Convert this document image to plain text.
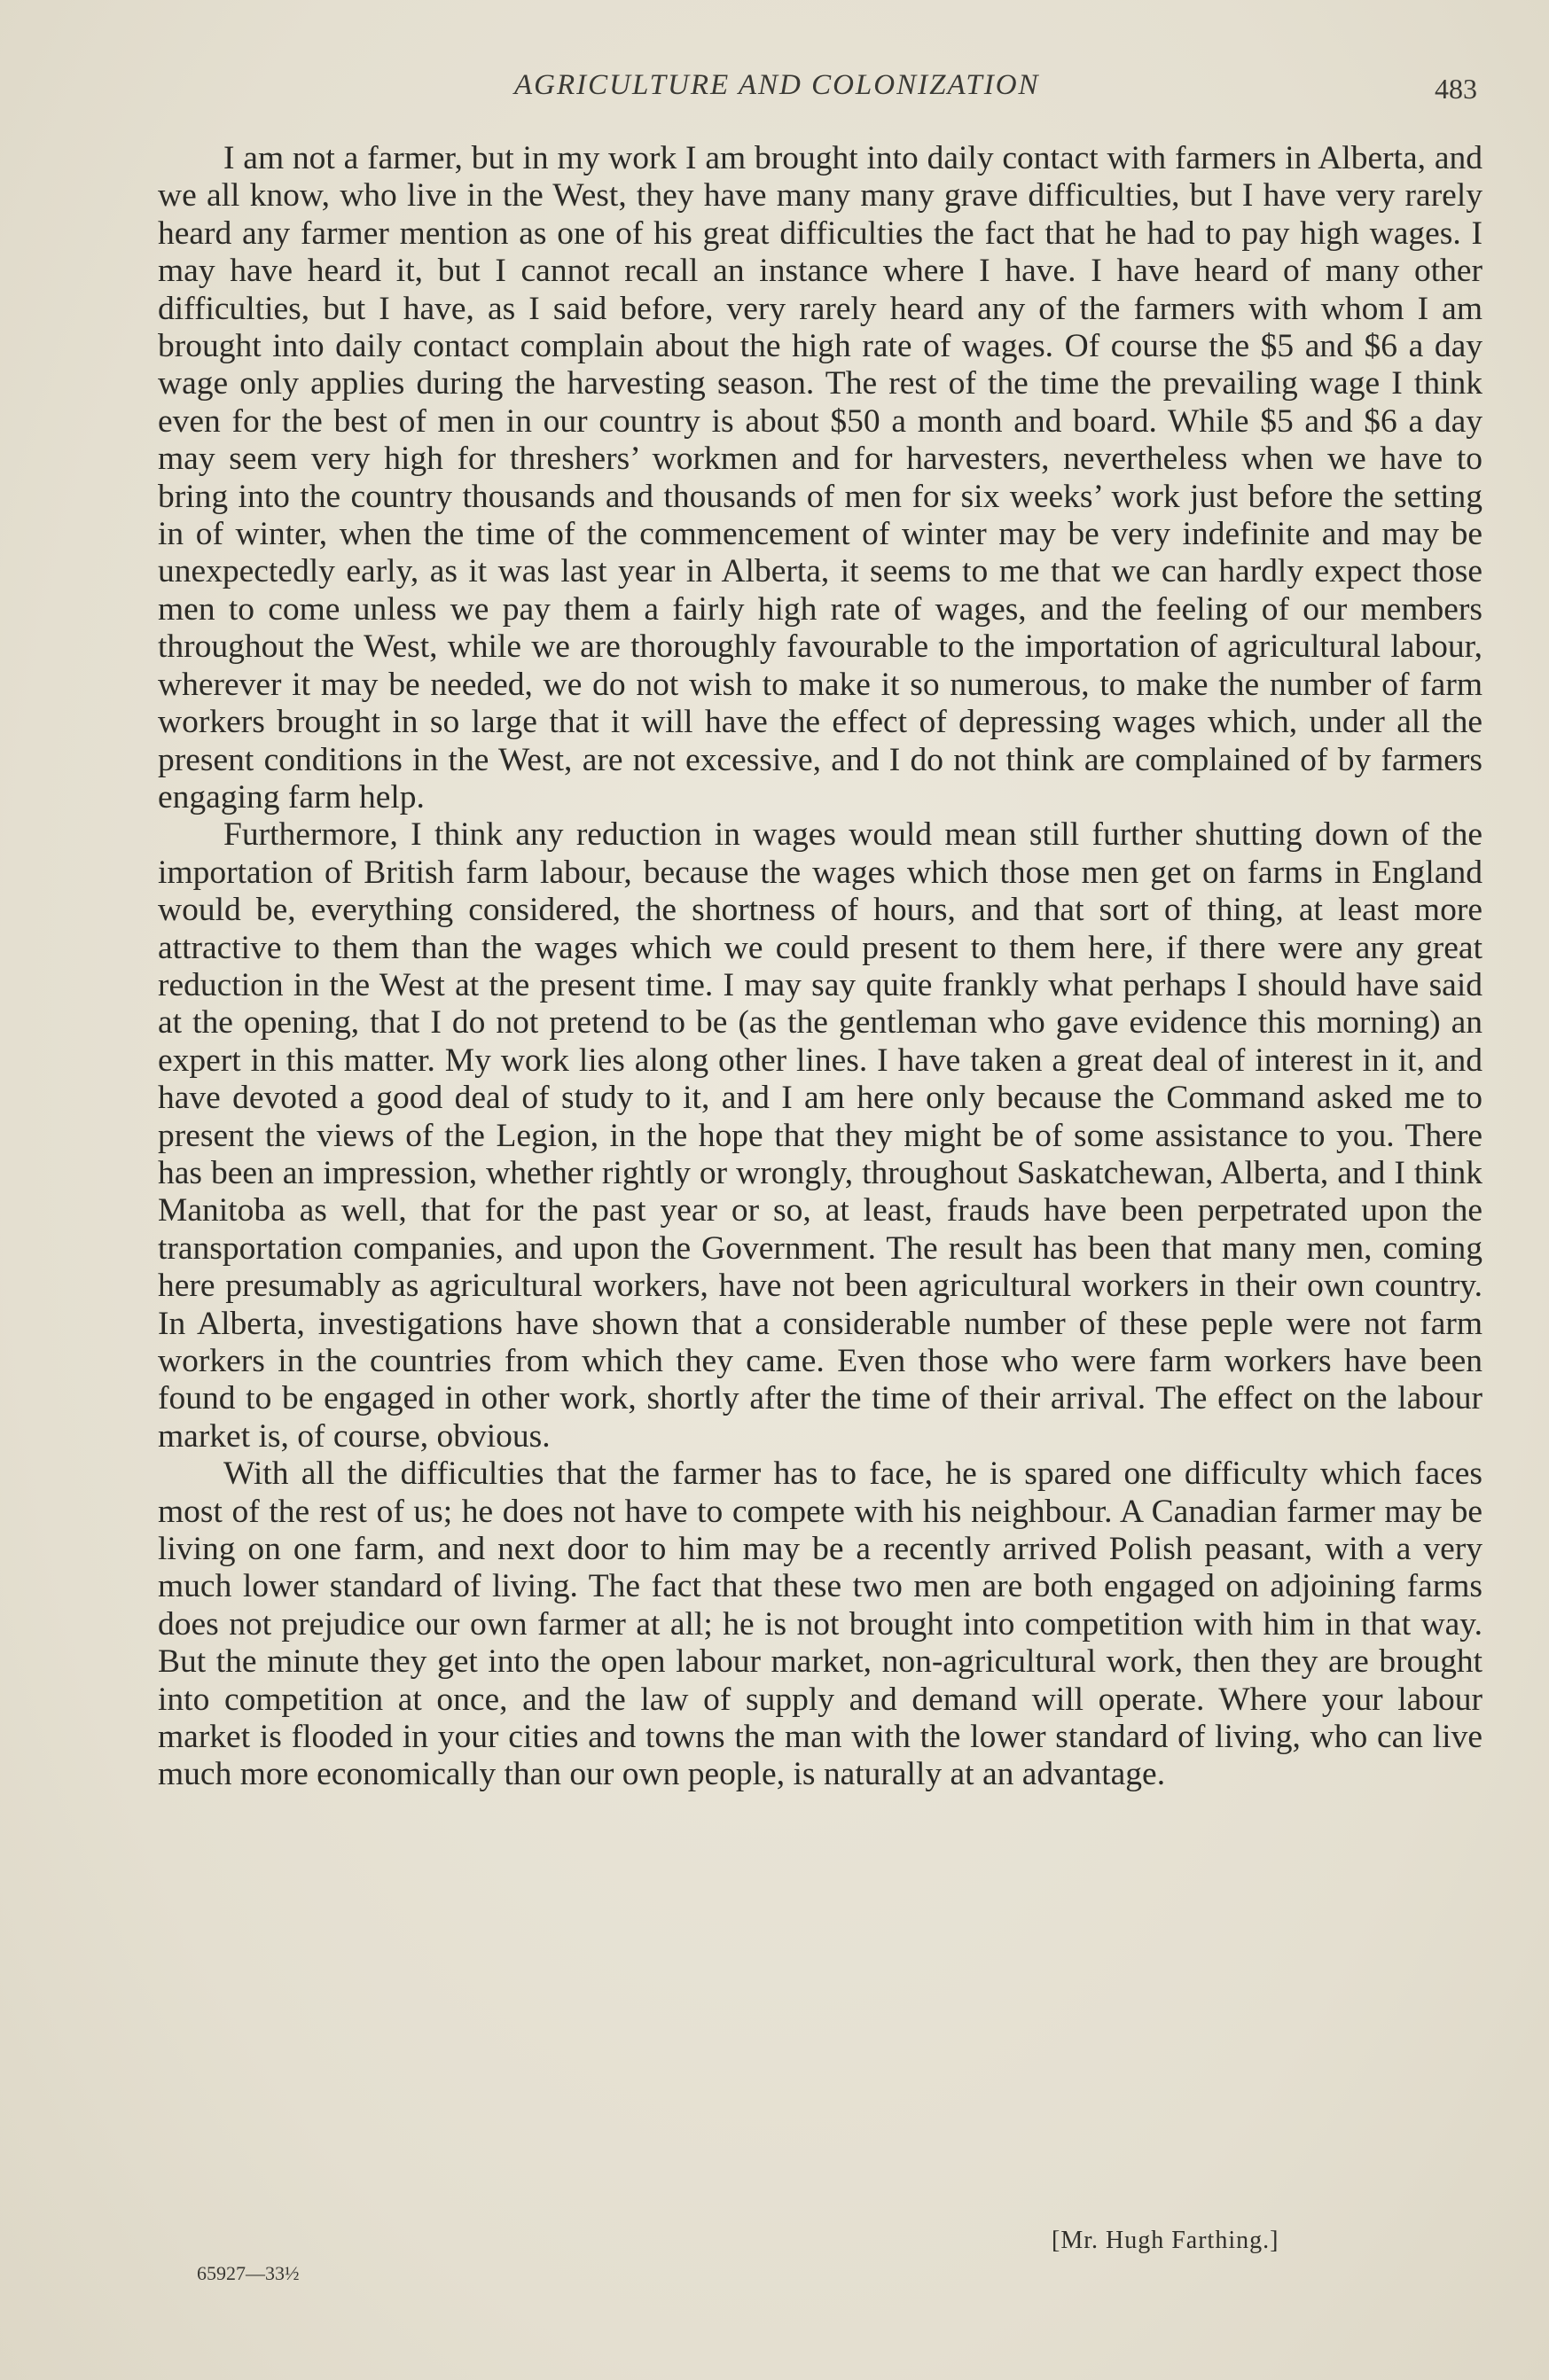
AGRICULTURE AND COLONIZATION	483

I am not a farmer, but in my work I am brought into daily contact with farmers in Alberta, and we all know, who live in the West, they have many many grave difficulties, but I have very rarely heard any farmer mention as one of his great difficulties the fact that he had to pay high wages. I may have heard it, but I cannot recall an instance where I have. I have heard of many other difficulties, but I have, as I said before, very rarely heard any of the farmers with whom I am brought into daily contact complain about the high rate of wages. Of course the $5 and $6 a day wage only applies during the harvesting season. The rest of the time the prevailing wage I think even for the best of men in our country is about $50 a month and board. While $5 and $6 a day may seem very high for threshers’ workmen and for harvesters, nevertheless when we have to bring into the country thousands and thousands of men for six weeks’ work just before the setting in of winter, when the time of the commencement of winter may be very indefinite and may be unexpectedly early, as it was last year in Alberta, it seems to me that we can hardly expect those men to come unless we pay them a fairly high rate of wages, and the feeling of our members throughout the West, while we are thoroughly favourable to the importation of agricultural labour, wherever it may be needed, we do not wish to make it so numerous, to make the number of farm workers brought in so large that it will have the effect of depressing wages which, under all the present conditions in the West, are not excessive, and I do not think are complained of by farmers engaging farm help.

Furthermore, I think any reduction in wages would mean still further shutting down of the importation of British farm labour, because the wages which those men get on farms in England would be, everything considered, the shortness of hours, and that sort of thing, at least more attractive to them than the wages which we could present to them here, if there were any great reduction in the West at the present time. I may say quite frankly what perhaps I should have said at the opening, that I do not pretend to be (as the gentleman who gave evidence this morning) an expert in this matter. My work lies along other lines. I have taken a great deal of interest in it, and have devoted a good deal of study to it, and I am here only because the Command asked me to present the views of the Legion, in the hope that they might be of some assistance to you. There has been an impression, whether rightly or wrongly, throughout Saskatchewan, Alberta, and I think Manitoba as well, that for the past year or so, at least, frauds have been perpetrated upon the transportation companies, and upon the Government. The result has been that many men, coming here presumably as agricultural workers, have not been agricultural workers in their own country. In Alberta, investigations have shown that a considerable number of these peple were not farm workers in the countries from which they came. Even those who were farm workers have been found to be engaged in other work, shortly after the time of their arrival. The effect on the labour market is, of course, obvious.

With all the difficulties that the farmer has to face, he is spared one difficulty which faces most of the rest of us; he does not have to compete with his neighbour. A Canadian farmer may be living on one farm, and next door to him may be a recently arrived Polish peasant, with a very much lower standard of living. The fact that these two men are both engaged on adjoining farms does not prejudice our own farmer at all; he is not brought into competition with him in that way. But the minute they get into the open labour market, non-agricultural work, then they are brought into competition at once, and the law of supply and demand will operate. Where your labour market is flooded in your cities and towns the man with the lower standard of living, who can live much more economically than our own people, is naturally at an advantage.

[Mr. Hugh Farthing.]
65927—33½
